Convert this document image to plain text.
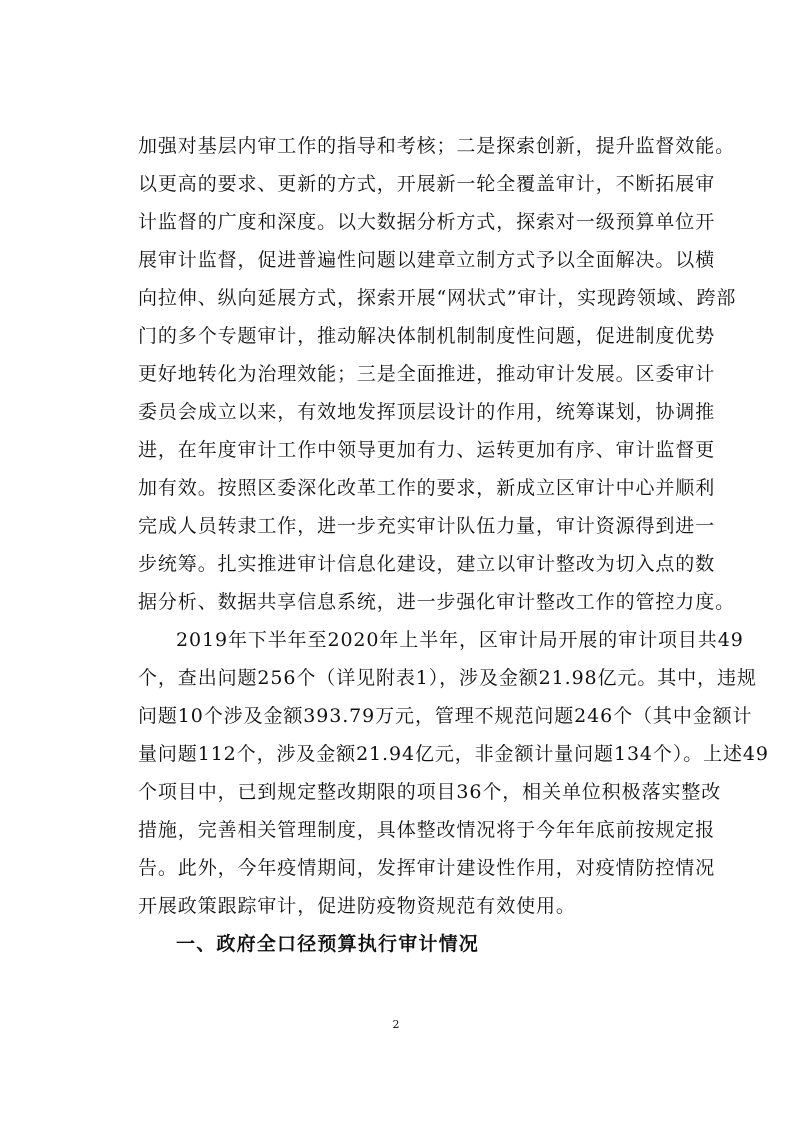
加强对基层内审工作的指导和考核；二是探索创新，提升监督效能。
以更高的要求、更新的方式，开展新一轮全覆盖审计，不断拓展审
计监督的广度和深度。以大数据分析方式，探索对一级预算单位开
展审计监督，促进普遍性问题以建章立制方式予以全面解决。以横
向拉伸、纵向延展方式，探索开展“网状式”审计，实现跨领域、跨部
门的多个专题审计，推动解决体制机制制度性问题，促进制度优势
更好地转化为治理效能；三是全面推进，推动审计发展。区委审计
委员会成立以来，有效地发挥顶层设计的作用，统筹谋划，协调推
进，在年度审计工作中领导更加有力、运转更加有序、审计监督更
加有效。按照区委深化改革工作的要求，新成立区审计中心并顺利
完成人员转隶工作，进一步充实审计队伍力量，审计资源得到进一
步统筹。扎实推进审计信息化建设，建立以审计整改为切入点的数
据分析、数据共享信息系统，进一步强化审计整改工作的管控力度。
2019年下半年至2020年上半年，区审计局开展的审计项目共49
个，查出问题256个（详见附表1），涉及金额21.98亿元。其中，违规
问题10个涉及金额393.79万元，管理不规范问题246个（其中金额计
量问题112个，涉及金额21.94亿元，非金额计量问题134个）。上述49
个项目中，已到规定整改期限的项目36个，相关单位积极落实整改
措施，完善相关管理制度，具体整改情况将于今年年底前按规定报
告。此外，今年疫情期间，发挥审计建设性作用，对疫情防控情况
开展政策跟踪审计，促进防疫物资规范有效使用。
一、政府全口径预算执行审计情况
2
